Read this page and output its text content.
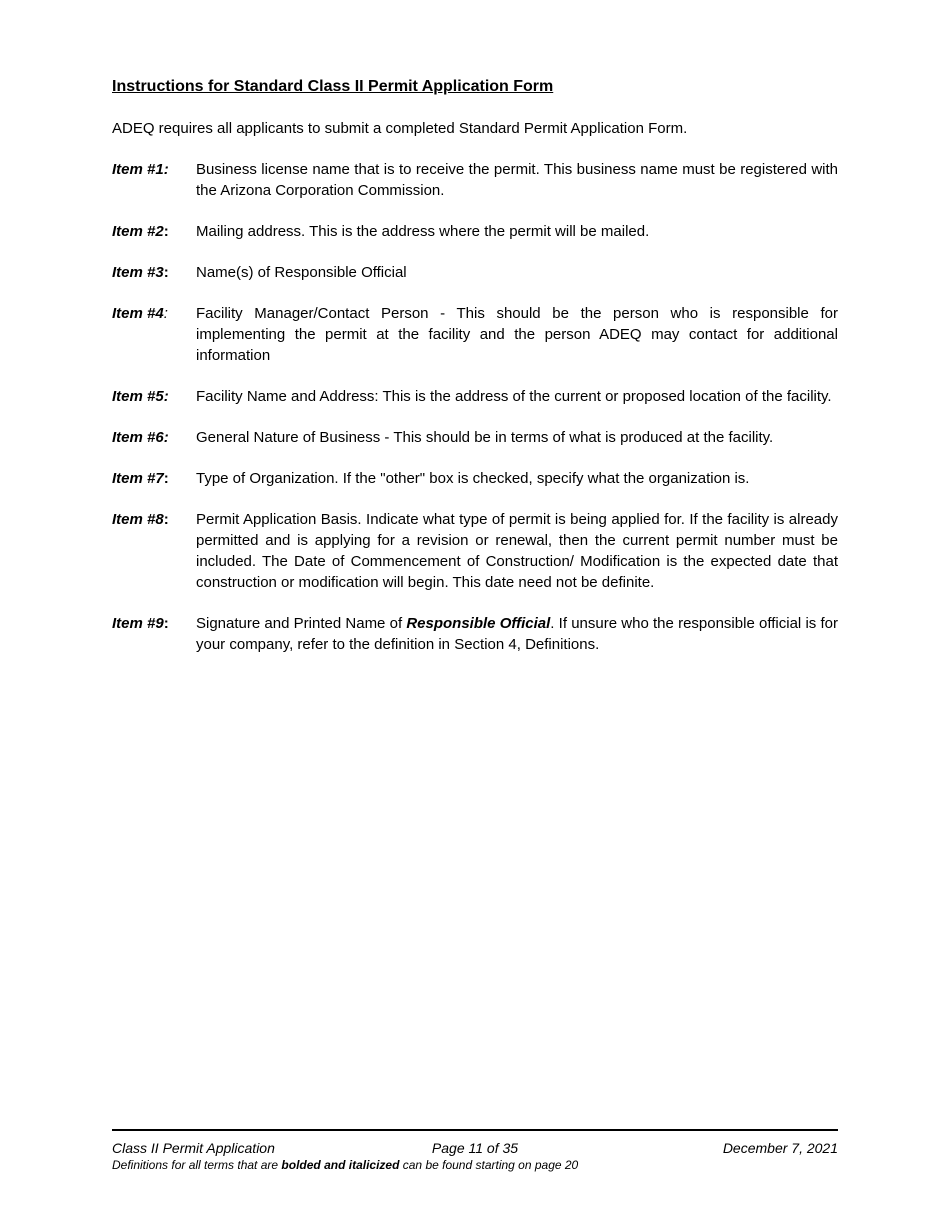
Instructions for Standard Class II Permit Application Form
ADEQ requires all applicants to submit a completed Standard Permit Application Form.
Item #1: Business license name that is to receive the permit. This business name must be registered with the Arizona Corporation Commission.
Item #2: Mailing address. This is the address where the permit will be mailed.
Item #3: Name(s) of Responsible Official
Item #4: Facility Manager/Contact Person - This should be the person who is responsible for implementing the permit at the facility and the person ADEQ may contact for additional information
Item #5: Facility Name and Address: This is the address of the current or proposed location of the facility.
Item #6: General Nature of Business - This should be in terms of what is produced at the facility.
Item #7: Type of Organization. If the "other" box is checked, specify what the organization is.
Item #8: Permit Application Basis. Indicate what type of permit is being applied for. If the facility is already permitted and is applying for a revision or renewal, then the current permit number must be included. The Date of Commencement of Construction/ Modification is the expected date that construction or modification will begin. This date need not be definite.
Item #9: Signature and Printed Name of Responsible Official. If unsure who the responsible official is for your company, refer to the definition in Section 4, Definitions.
Class II Permit Application	Page 11 of 35	December 7, 2021
Definitions for all terms that are bolded and italicized can be found starting on page 20
